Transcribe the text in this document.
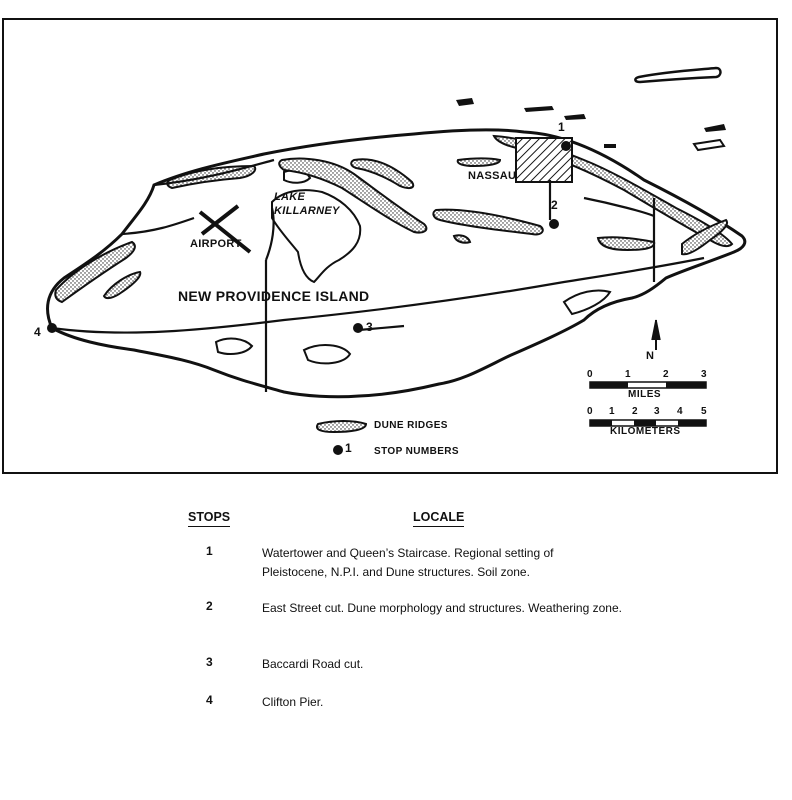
1
2
3
4
AIRPORT
LAKE
KILLARNEY
NASSAU
NEW PROVIDENCE ISLAND
N
0	1	2	3
MILES
0 1 2 3 4 5
KILOMETERS
DUNE RIDGES
1 STOP NUMBERS
STOPS	LOCALE
1	Watertower and Queen’s Staircase. Regional setting of Pleistocene, N.P.I. and Dune structures. Soil zone.
2	East Street cut. Dune morphology and structures. Weathering zone.
3	Baccardi Road cut.
4	Clifton Pier.
